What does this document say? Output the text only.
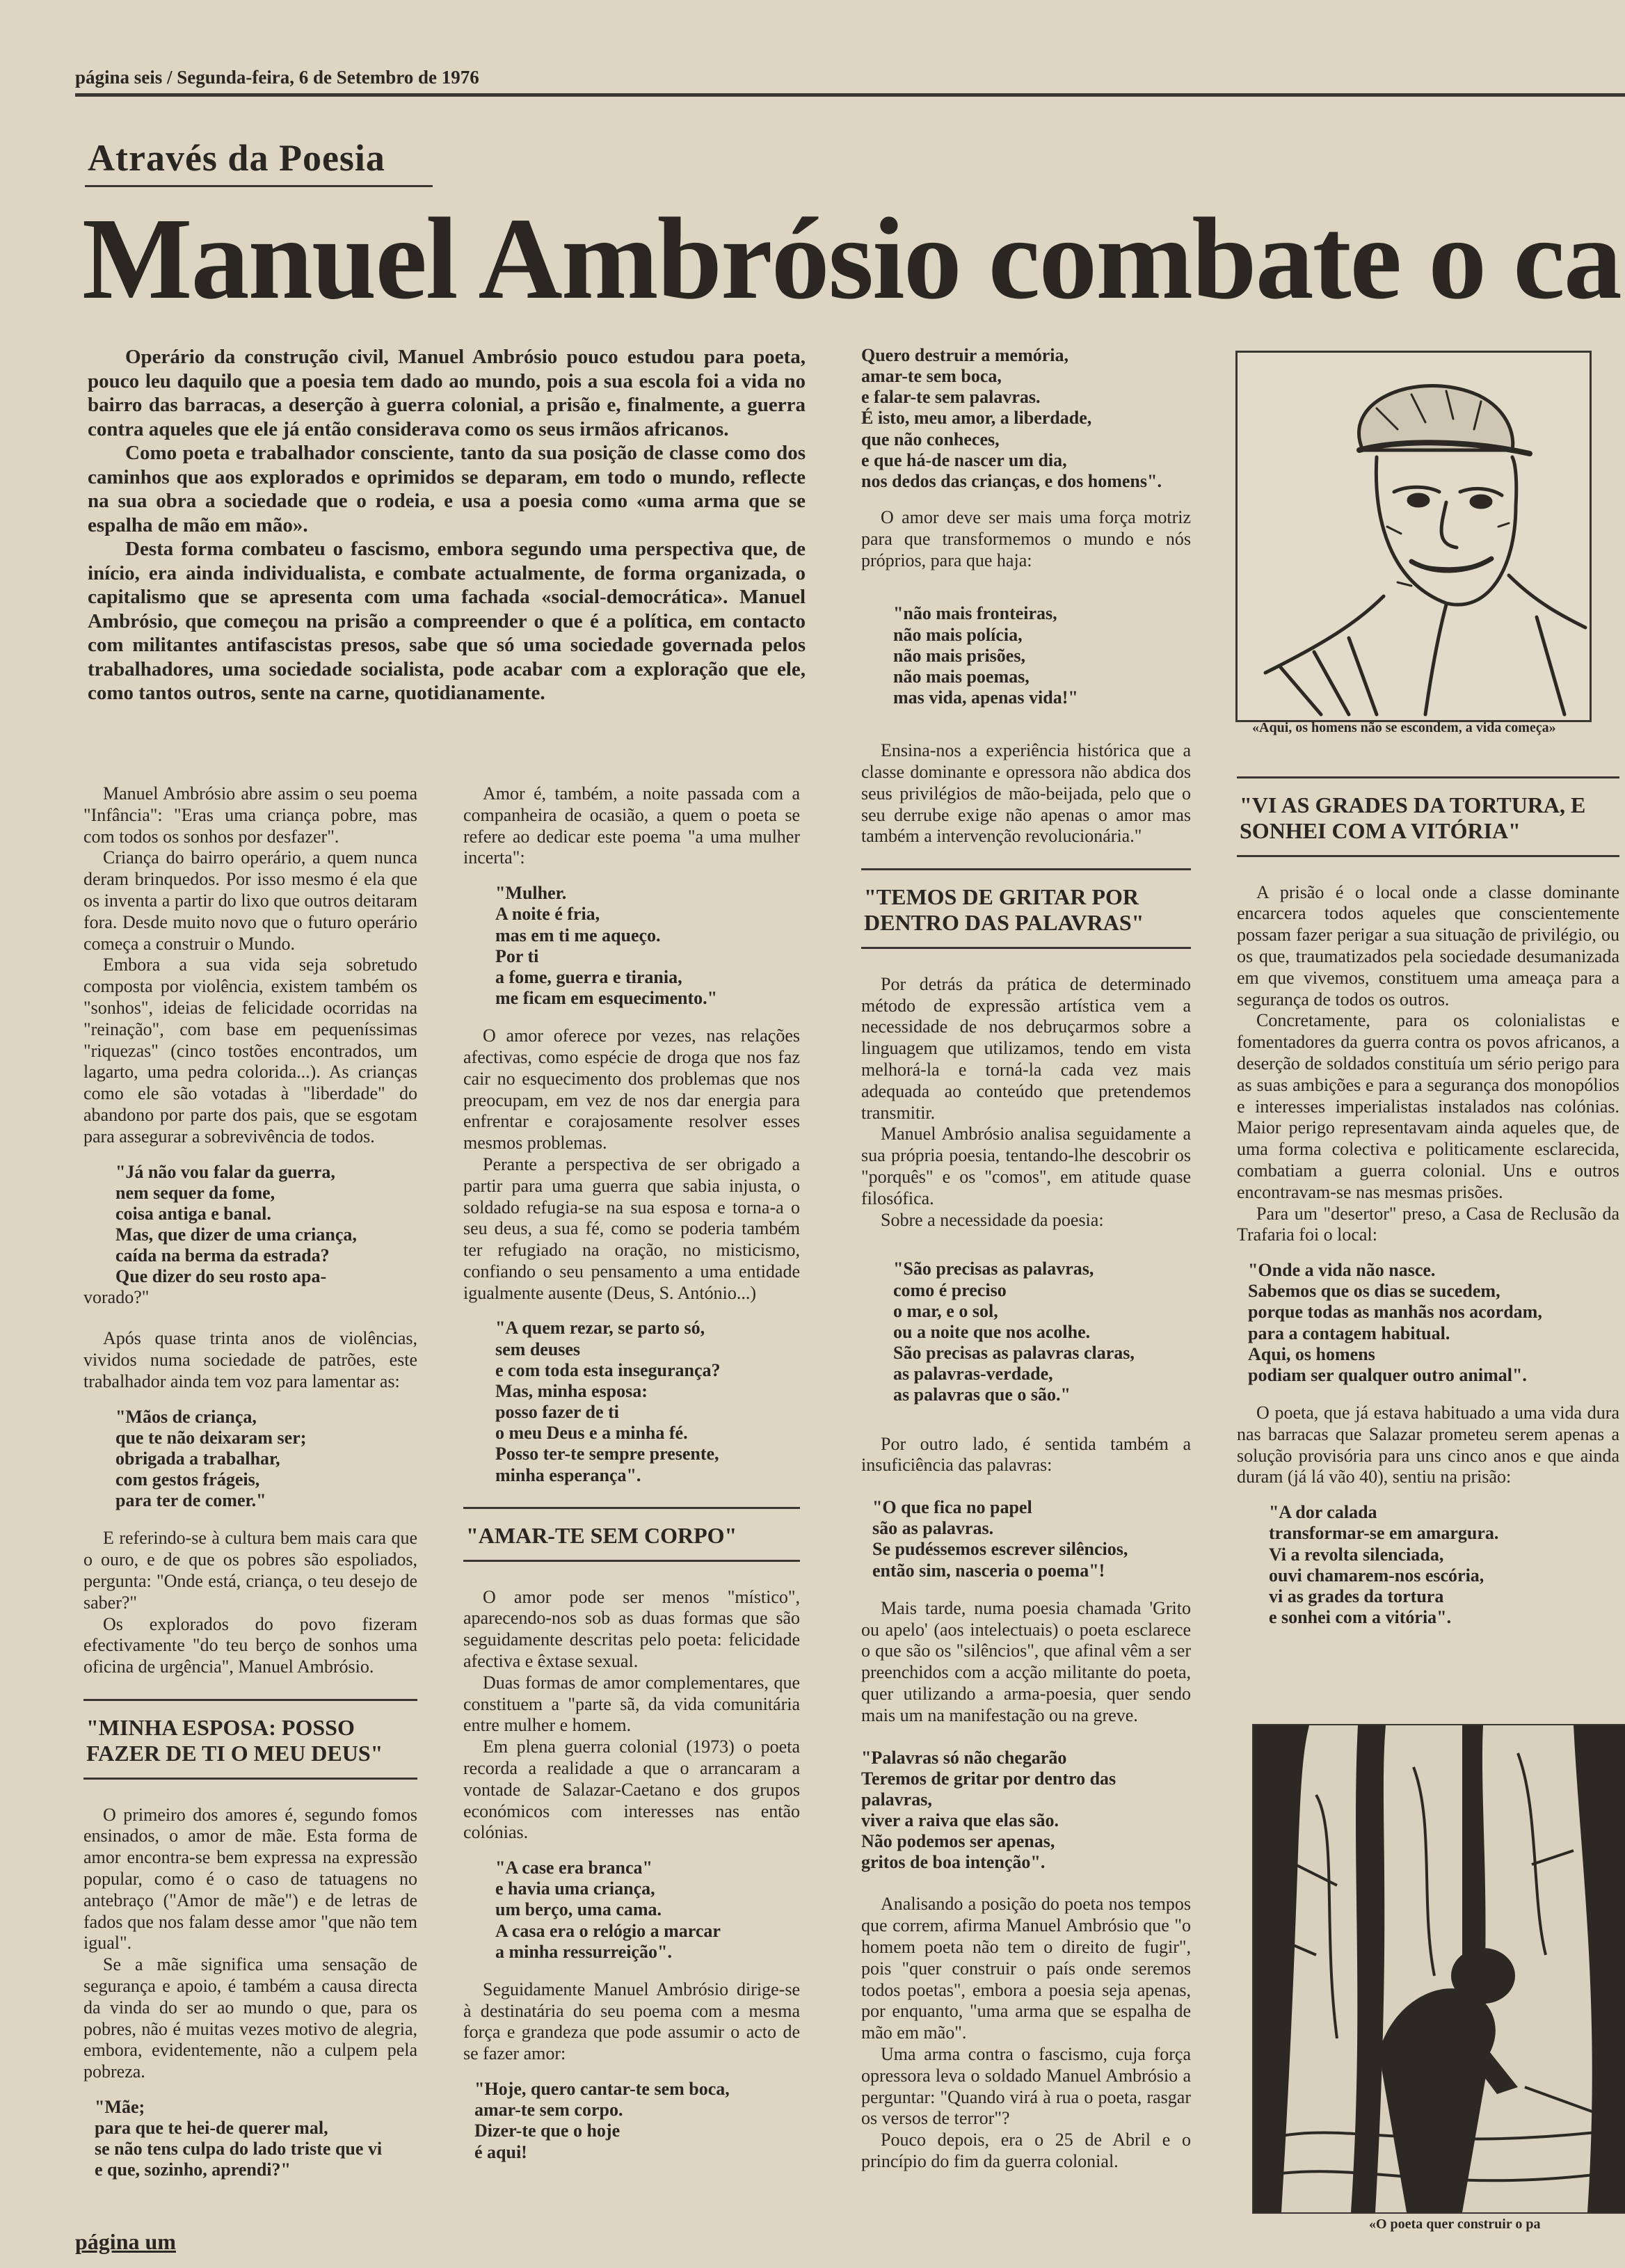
página seis / Segunda-feira, 6 de Setembro de 1976
Através da Poesia
Manuel Ambrósio combate o ca

Operário da construção civil, Manuel Ambrósio pouco estudou para poeta, pouco leu daquilo que a poesia tem dado ao mundo, pois a sua escola foi a vida no bairro das barracas, a deserção à guerra colonial, a prisão e, finalmente, a guerra contra aqueles que ele já então considerava como os seus irmãos africanos.

Como poeta e trabalhador consciente, tanto da sua posição de classe como dos caminhos que aos explorados e oprimidos se deparam, em todo o mundo, reflecte na sua obra a sociedade que o rodeia, e usa a poesia como «uma arma que se espalha de mão em mão».

Desta forma combateu o fascismo, embora segundo uma perspectiva que, de início, era ainda individualista, e combate actualmente, de forma organizada, o capitalismo que se apresenta com uma fachada «social-democrática». Manuel Ambrósio, que começou na prisão a compreender o que é a política, em contacto com militantes antifascistas presos, sabe que só uma sociedade governada pelos trabalhadores, uma sociedade socialista, pode acabar com a exploração que ele, como tantos outros, sente na carne, quotidianamente.

Manuel Ambrósio abre assim o seu poema "Infância": "Eras uma criança pobre, mas com todos os sonhos por desfazer".

Criança do bairro operário, a quem nunca deram brinquedos. Por isso mesmo é ela que os inventa a partir do lixo que outros deitaram fora. Desde muito novo que o futuro operário começa a construir o Mundo.

Embora a sua vida seja sobretudo composta por violência, existem também os "sonhos", ideias de felicidade ocorridas na "reinação", com base em pequeníssimas "riquezas" (cinco tostões encontrados, um lagarto, uma pedra colorida...). As crianças como ele são votadas à "liberdade" do abandono por parte dos pais, que se esgotam para assegurar a sobrevivência de todos.

"Já não vou falar da guerra,
nem sequer da fome,
coisa antiga e banal.
Mas, que dizer de uma criança,
caída na berma da estrada?
Que dizer do seu rosto apa-

vorado?"

Após quase trinta anos de violências, vividos numa sociedade de patrões, este trabalhador ainda tem voz para lamentar as:

"Mãos de criança,
que te não deixaram ser;
obrigada a trabalhar,
com gestos frágeis,
para ter de comer."

E referindo-se à cultura bem mais cara que o ouro, e de que os pobres são espoliados, pergunta: "Onde está, criança, o teu desejo de saber?"

Os explorados do povo fizeram efectivamente "do teu berço de sonhos uma oficina de urgência", Manuel Ambrósio.

"MINHA ESPOSA: POSSO FAZER DE TI O MEU DEUS"

O primeiro dos amores é, segundo fomos ensinados, o amor de mãe. Esta forma de amor encontra-se bem expressa na expressão popular, como é o caso de tatuagens no antebraço ("Amor de mãe") e de letras de fados que nos falam desse amor "que não tem igual".

Se a mãe significa uma sensação de segurança e apoio, é também a causa directa da vinda do ser ao mundo o que, para os pobres, não é muitas vezes motivo de alegria, embora, evidentemente, não a culpem pela pobreza.

"Mãe;
para que te hei-de querer mal,
se não tens culpa do lado triste que vi
e que, sozinho, aprendi?"

Amor é, também, a noite passada com a companheira de ocasião, a quem o poeta se refere ao dedicar este poema "a uma mulher incerta":

"Mulher.
A noite é fria,
mas em ti me aqueço.
Por ti
a fome, guerra e tirania,
me ficam em esquecimento."

O amor oferece por vezes, nas relações afectivas, como espécie de droga que nos faz cair no esquecimento dos problemas que nos preocupam, em vez de nos dar energia para enfrentar e corajosamente resolver esses mesmos problemas.

Perante a perspectiva de ser obrigado a partir para uma guerra que sabia injusta, o soldado refugia-se na sua esposa e torna-a o seu deus, a sua fé, como se poderia também ter refugiado na oração, no misticismo, confiando o seu pensamento a uma entidade igualmente ausente (Deus, S. António...)

"A quem rezar, se parto só,
sem deuses
e com toda esta insegurança?
Mas, minha esposa:
posso fazer de ti
o meu Deus e a minha fé.
Posso ter-te sempre presente,
minha esperança".
"AMAR-TE SEM CORPO"

O amor pode ser menos "místico", aparecendo-nos sob as duas formas que são seguidamente descritas pelo poeta: felicidade afectiva e êxtase sexual.

Duas formas de amor complementares, que constituem a "parte sã, da vida comunitária entre mulher e homem.

Em plena guerra colonial (1973) o poeta recorda a realidade a que o arrancaram a vontade de Salazar-Caetano e dos grupos económicos com interesses nas então colónias.

"A case era branca"
e havia uma criança,
um berço, uma cama.
A casa era o relógio a marcar
a minha ressurreição".

Seguidamente Manuel Ambrósio dirige-se à destinatária do seu poema com a mesma força e grandeza que pode assumir o acto de se fazer amor:

"Hoje, quero cantar-te sem boca,
amar-te sem corpo.
Dizer-te que o hoje
é aqui!
Quero destruir a memória,
amar-te sem boca,
e falar-te sem palavras.
É isto, meu amor, a liberdade,
que não conheces,
e que há-de nascer um dia,
nos dedos das crianças, e dos homens".

O amor deve ser mais uma força motriz para que transformemos o mundo e nós próprios, para que haja:

"não mais fronteiras,
não mais polícia,
não mais prisões,
não mais poemas,
mas vida, apenas vida!"

Ensina-nos a experiência histórica que a classe dominante e opressora não abdica dos seus privilégios de mão-beijada, pelo que o seu derrube exige não apenas o amor mas também a intervenção revolucionária."

"TEMOS DE GRITAR POR DENTRO DAS PALAVRAS"

Por detrás da prática de determinado método de expressão artística vem a necessidade de nos debruçarmos sobre a linguagem que utilizamos, tendo em vista melhorá-la e torná-la cada vez mais adequada ao conteúdo que pretendemos transmitir.

Manuel Ambrósio analisa seguidamente a sua própria poesia, tentando-lhe descobrir os "porquês" e os "comos", em atitude quase filosófica.

Sobre a necessidade da poesia:

"São precisas as palavras,
como é preciso
o mar, e o sol,
ou a noite que nos acolhe.
São precisas as palavras claras,
as palavras-verdade,
as palavras que o são."

Por outro lado, é sentida também a insuficiência das palavras:

"O que fica no papel
são as palavras.
Se pudéssemos escrever silêncios,
então sim, nasceria o poema"!

Mais tarde, numa poesia chamada 'Grito ou apelo' (aos intelectuais) o poeta esclarece o que são os "silêncios", que afinal vêm a ser preenchidos com a acção militante do poeta, quer utilizando a arma-poesia, quer sendo mais um na manifestação ou na greve.

"Palavras só não chegarão
Teremos de gritar por dentro das
palavras,
viver a raiva que elas são.
Não podemos ser apenas,
gritos de boa intenção".

Analisando a posição do poeta nos tempos que correm, afirma Manuel Ambrósio que "o homem poeta não tem o direito de fugir", pois "quer construir o país onde seremos todos poetas", embora a poesia seja apenas, por enquanto, "uma arma que se espalha de mão em mão".

Uma arma contra o fascismo, cuja força opressora leva o soldado Manuel Ambrósio a perguntar: "Quando virá à rua o poeta, rasgar os versos de terror"?

Pouco depois, era o 25 de Abril e o princípio do fim da guerra colonial.

«Aqui, os homens não se escondem, a vida começa»
"VI AS GRADES DA TORTURA, E SONHEI COM A VITÓRIA"

A prisão é o local onde a classe dominante encarcera todos aqueles que conscientemente possam fazer perigar a sua situação de privilégio, ou os que, traumatizados pela sociedade desumanizada em que vivemos, constituem uma ameaça para a segurança de todos os outros.

Concretamente, para os colonialistas e fomentadores da guerra contra os povos africanos, a deserção de soldados constituía um sério perigo para as suas ambições e para a segurança dos monopólios e interesses imperialistas instalados nas colónias. Maior perigo representavam ainda aqueles que, de uma forma colectiva e politicamente esclarecida, combatiam a guerra colonial. Uns e outros encontravam-se nas mesmas prisões.

Para um "desertor" preso, a Casa de Reclusão da Trafaria foi o local:

"Onde a vida não nasce.
Sabemos que os dias se sucedem,
porque todas as manhãs nos acordam,
para a contagem habitual.
Aqui, os homens
podiam ser qualquer outro animal".

O poeta, que já estava habituado a uma vida dura nas barracas que Salazar prometeu serem apenas a solução provisória para uns cinco anos e que ainda duram (já lá vão 40), sentiu na prisão:

"A dor calada
transformar-se em amargura.
Vi a revolta silenciada,
ouvi chamarem-nos escória,
vi as grades da tortura
e sonhei com a vitória".
«O poeta quer construir o pa
página um
